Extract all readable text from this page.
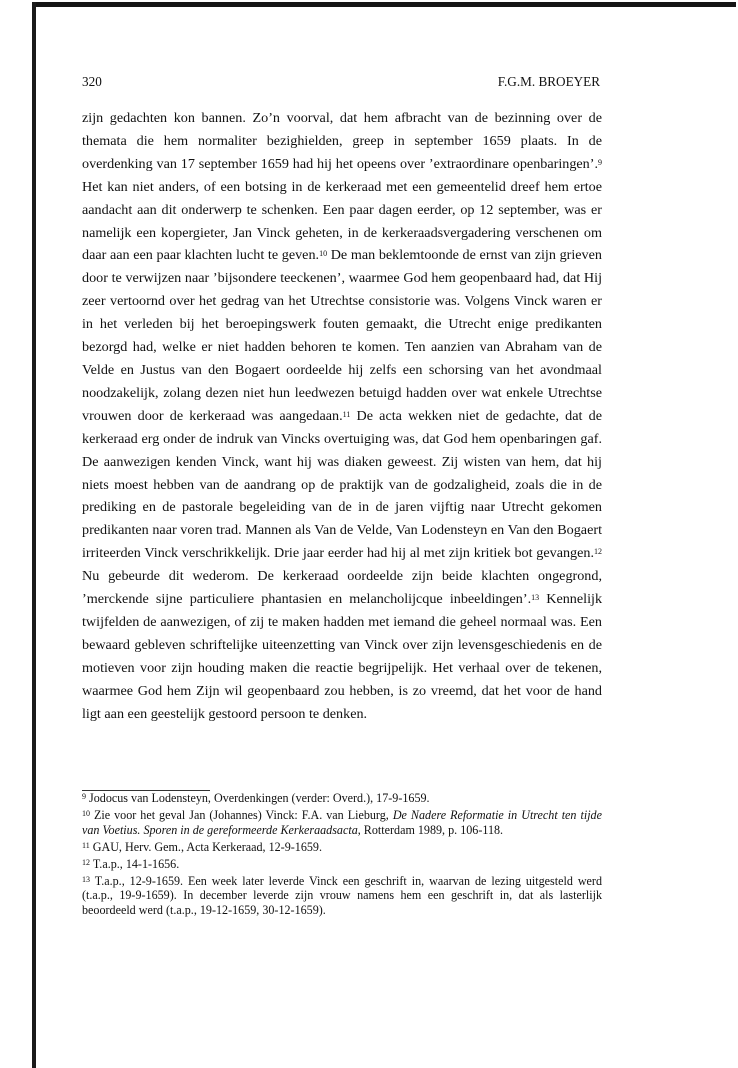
320	F.G.M. BROEYER

zijn gedachten kon bannen. Zo’n voorval, dat hem afbracht van de bezinning over de themata die hem normaliter bezighielden, greep in september 1659 plaats. In de overdenking van 17 september 1659 had hij het opeens over ’extraordinare openbaringen’.$^9$ Het kan niet anders, of een botsing in de kerkeraad met een gemeentelid dreef hem ertoe aandacht aan dit onderwerp te schenken. Een paar dagen eerder, op 12 september, was er namelijk een kopergieter, Jan Vinck geheten, in de kerkeraadsvergadering verschenen om daar aan een paar klachten lucht te geven.$^{10}$ De man beklemtoonde de ernst van zijn grieven door te verwijzen naar ’bijsondere teeckenen’, waarmee God hem geopenbaard had, dat Hij zeer vertoornd over het gedrag van het Utrechtse consistorie was. Volgens Vinck waren er in het verleden bij het beroepingswerk fouten gemaakt, die Utrecht enige predikanten bezorgd had, welke er niet hadden behoren te komen. Ten aanzien van Abraham van de Velde en Justus van den Bogaert oordeelde hij zelfs een schorsing van het avondmaal noodzakelijk, zolang dezen niet hun leedwezen betuigd hadden over wat enkele Utrechtse vrouwen door de kerkeraad was aangedaan.$^{11}$ De acta wekken niet de gedachte, dat de kerkeraad erg onder de indruk van Vincks overtuiging was, dat God hem openbaringen gaf. De aanwezigen kenden Vinck, want hij was diaken geweest. Zij wisten van hem, dat hij niets moest hebben van de aandrang op de praktijk van de godzaligheid, zoals die in de prediking en de pastorale begeleiding van de in de jaren vijftig naar Utrecht gekomen predikanten naar voren trad. Mannen als Van de Velde, Van Lodensteyn en Van den Bogaert irriteerden Vinck verschrikkelijk. Drie jaar eerder had hij al met zijn kritiek bot gevangen.$^{12}$ Nu gebeurde dit wederom. De kerkeraad oordeelde zijn beide klachten ongegrond, ’merckende sijne particuliere phantasien en melancholijcque inbeeldingen’.$^{13}$ Kennelijk twijfelden de aanwezigen, of zij te maken hadden met iemand die geheel normaal was. Een bewaard gebleven schriftelijke uiteenzetting van Vinck over zijn levensgeschiedenis en de motieven voor zijn houding maken die reactie begrijpelijk. Het verhaal over de tekenen, waarmee God hem Zijn wil geopenbaard zou hebben, is zo vreemd, dat het voor de hand ligt aan een geestelijk gestoord persoon te denken.

$^9$ Jodocus van Lodensteyn, Overdenkingen (verder: Overd.), 17-9-1659.

$^{10}$ Zie voor het geval Jan (Johannes) Vinck: F.A. van Lieburg, De Nadere Reformatie in Utrecht ten tijde van Voetius. Sporen in de gereformeerde Kerkeraadsacta, Rotterdam 1989, p. 106-118.

$^{11}$ GAU, Herv. Gem., Acta Kerkeraad, 12-9-1659.

$^{12}$ T.a.p., 14-1-1656.

$^{13}$ T.a.p., 12-9-1659. Een week later leverde Vinck een geschrift in, waarvan de lezing uitgesteld werd (t.a.p., 19-9-1659). In december leverde zijn vrouw namens hem een geschrift in, dat als lasterlijk beoordeeld werd (t.a.p., 19-12-1659, 30-12-1659).
